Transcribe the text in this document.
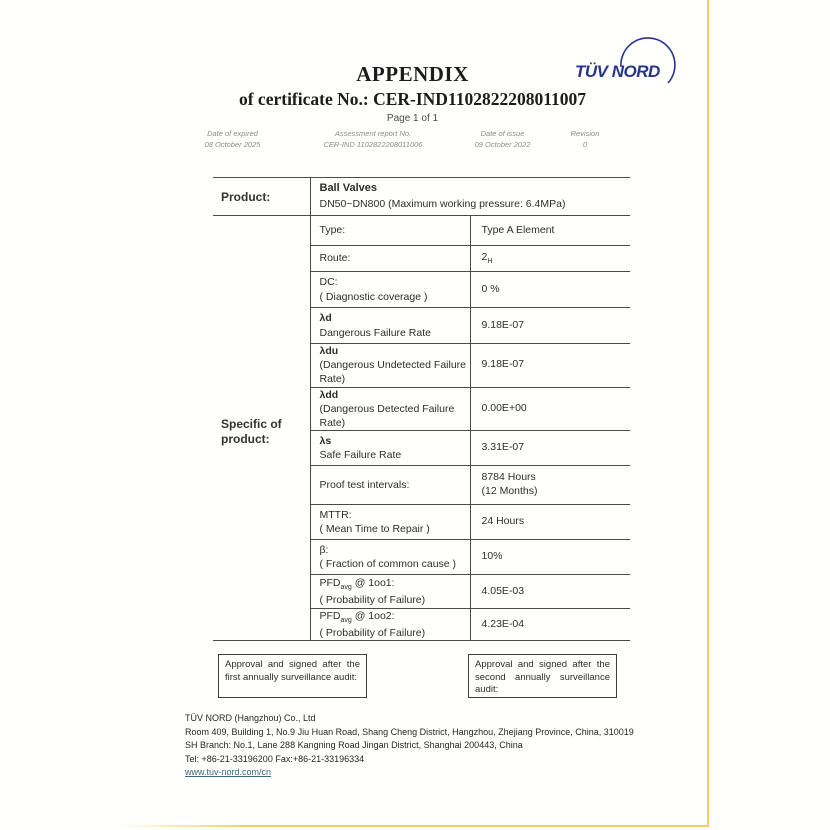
TÜV NORD
APPENDIX
of certificate No.: CER-IND1102822208011007
Page 1 of 1
Date of expired
08 October 2025
Assessment report No.
CER-IND 1102822208011006
Date of issue
09 October 2022
Revision
0
Product:	Ball Valves
DN50~DN800 (Maximum working pressure: 6.4MPa)	

Specific of product:	Type:	Type A Element

	Route:	$2_H$

	DC:
( Diagnostic coverage )	0 %

	λd
Dangerous Failure Rate	9.18E-07

	λdu
(Dangerous Undetected Failure Rate)	9.18E-07

	λdd
(Dangerous Detected Failure Rate)	0.00E+00

	λs
Safe Failure Rate	3.31E-07

	Proof test intervals:	8784 Hours
(12 Months)

	MTTR:
( Mean Time to Repair )	24 Hours

	β:
( Fraction of common cause )	10%

	$PFD_{avg}$ @ 1oo1:
( Probability of Failure)	4.05E-03

	$PFD_{avg}$ @ 1oo2:
( Probability of Failure)	4.23E-04
Approval and signed after the first annually surveillance audit:
Approval and signed after the second annually surveillance audit:
TÜV NORD (Hangzhou) Co., Ltd
Room 409, Building 1, No.9 Jiu Huan Road, Shang Cheng District, Hangzhou, Zhejiang Province, China, 310019
SH Branch: No.1, Lane 288 Kangning Road Jingan District, Shanghai 200443, China
Tel: +86-21-33196200 Fax:+86-21-33196334
www.tuv-nord.com/cn
